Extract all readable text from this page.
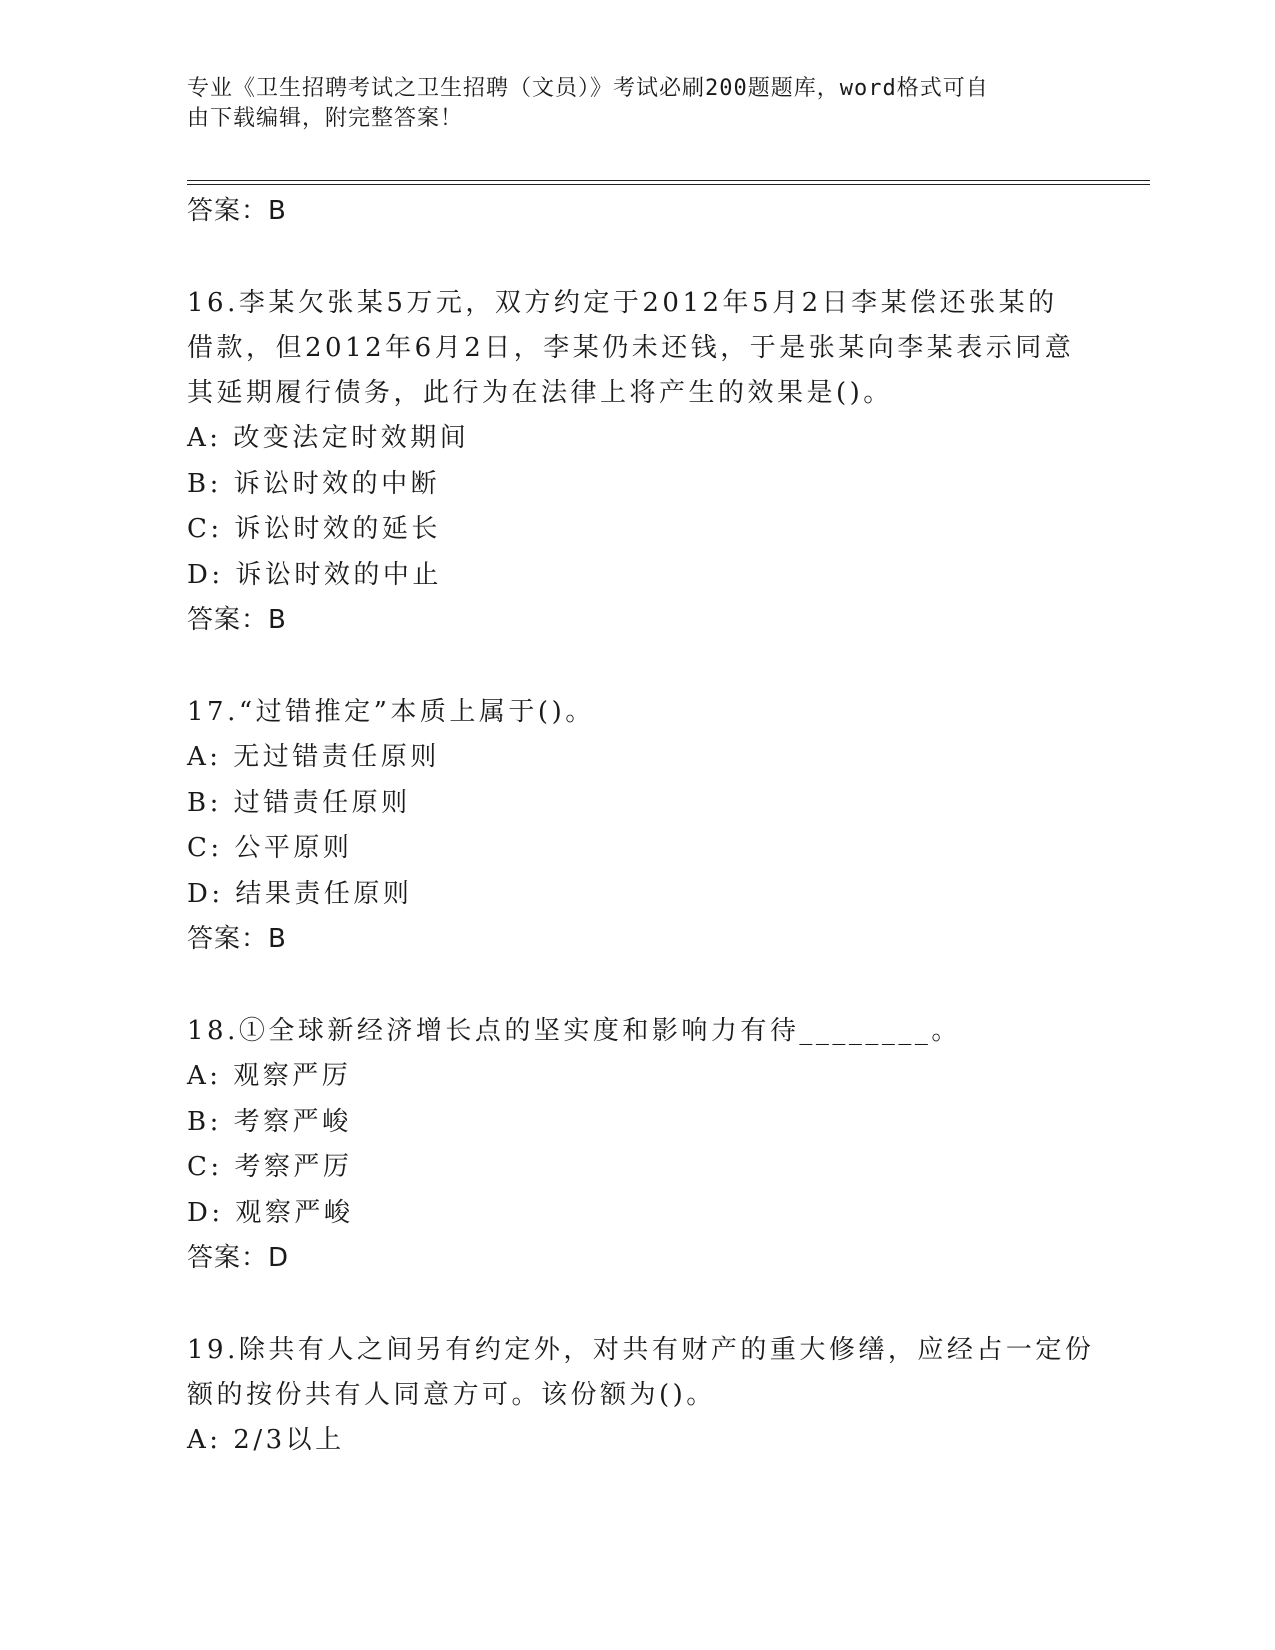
专业《卫生招聘考试之卫生招聘（文员）》考试必刷200题题库，word格式可自
由下载编辑，附完整答案！
答案：B
16.李某欠张某5万元，双方约定于2012年5月2日李某偿还张某的
借款，但2012年6月2日，李某仍未还钱，于是张某向李某表示同意
其延期履行债务，此行为在法律上将产生的效果是()。
A: 改变法定时效期间
B: 诉讼时效的中断
C: 诉讼时效的延长
D: 诉讼时效的中止
答案：B
17.“过错推定”本质上属于()。
A: 无过错责任原则
B: 过错责任原则
C: 公平原则
D: 结果责任原则
答案：B
18.①全球新经济增长点的坚实度和影响力有待________。
A: 观察严厉
B: 考察严峻
C: 考察严厉
D: 观察严峻
答案：D
19.除共有人之间另有约定外，对共有财产的重大修缮，应经占一定份
额的按份共有人同意方可。该份额为()。
A: 2/3以上
